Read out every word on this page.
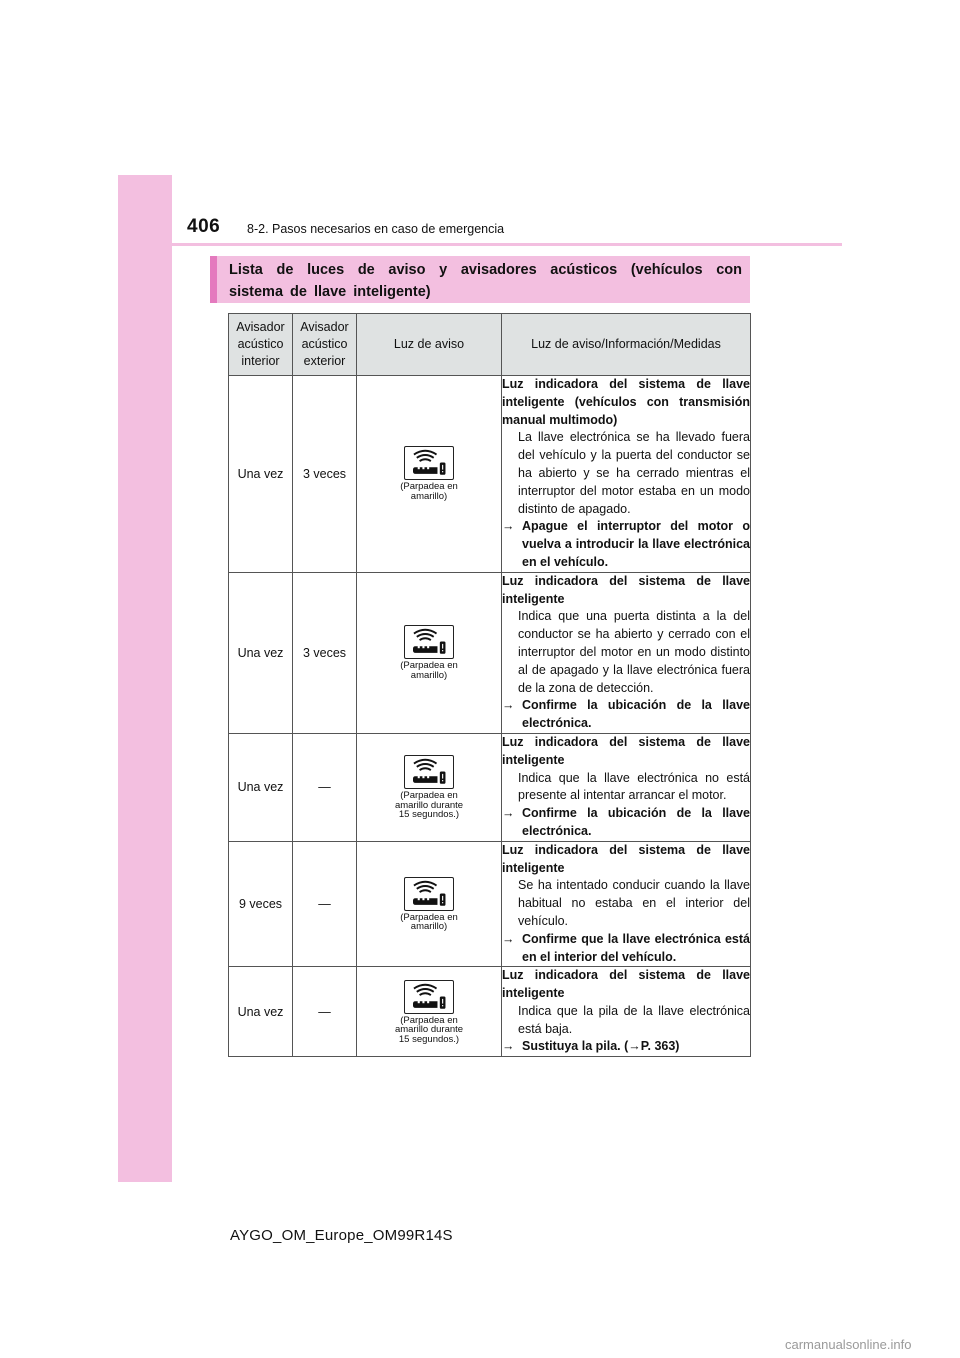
406 8-2. Pasos necesarios en caso de emergencia
Lista de luces de aviso y avisadores acústicos (vehículos con sistema de llave inteligente)
Avisador acústico interior	Avisador acústico exterior	Luz de aviso	Luz de aviso/Información/Medidas
Una vez	3 veces	(Parpadea en
amarillo)	Luz indicadora del sistema de llave inteligente (vehículos con transmisión manual multimodo)
La llave electrónica se ha llevado fuera del vehículo y la puerta del conductor se ha abierto y se ha cerrado mientras el interruptor del motor estaba en un modo distinto de apagado.
→ Apague el interruptor del motor o vuelva a introducir la llave electrónica en el vehículo.

Una vez	3 veces	(Parpadea en
amarillo)	Luz indicadora del sistema de llave inteligente
Indica que una puerta distinta a la del conductor se ha abierto y cerrado con el interruptor del motor en un modo distinto al de apagado y la llave electrónica fuera de la zona de detección.
→ Confirme la ubicación de la llave electrónica.

Una vez	—	(Parpadea en
amarillo durante
15 segundos.)	Luz indicadora del sistema de llave inteligente
Indica que la llave electrónica no está presente al intentar arrancar el motor.
→ Confirme la ubicación de la llave electrónica.

9 veces	—	(Parpadea en
amarillo)	Luz indicadora del sistema de llave inteligente
Se ha intentado conducir cuando la llave habitual no estaba en el interior del vehículo.
→ Confirme que la llave electrónica está en el interior del vehículo.

Una vez	—	(Parpadea en
amarillo durante
15 segundos.)	Luz indicadora del sistema de llave inteligente
Indica que la pila de la llave electrónica está baja.
→ Sustituya la pila. (→P. 363)
AYGO_OM_Europe_OM99R14S
carmanualsonline.info
